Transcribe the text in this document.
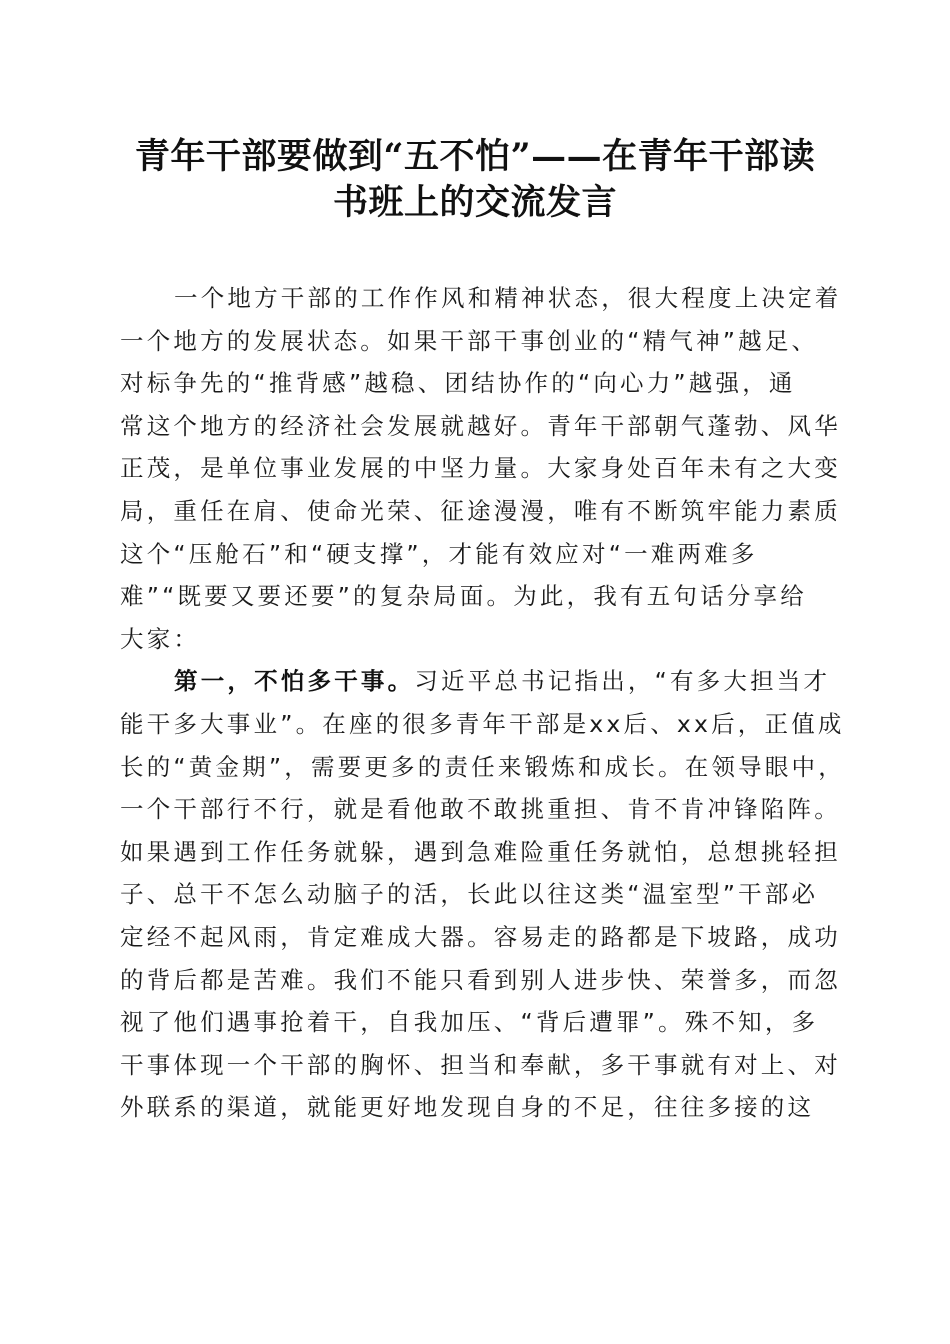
青年干部要做到“五不怕”——在青年干部读
书班上的交流发言

一个地方干部的工作作风和精神状态，很大程度上决定着
一个地方的发展状态。如果干部干事创业的“精气神”越足、
对标争先的“推背感”越稳、团结协作的“向心力”越强，通
常这个地方的经济社会发展就越好。青年干部朝气蓬勃、风华
正茂，是单位事业发展的中坚力量。大家身处百年未有之大变
局，重任在肩、使命光荣、征途漫漫，唯有不断筑牢能力素质
这个“压舱石”和“硬支撑”，才能有效应对“一难两难多
难”“既要又要还要”的复杂局面。为此，我有五句话分享给
大家：

第一，不怕多干事。习近平总书记指出，“有多大担当才
能干多大事业”。在座的很多青年干部是xx后、xx后，正值成
长的“黄金期”，需要更多的责任来锻炼和成长。在领导眼中，
一个干部行不行，就是看他敢不敢挑重担、肯不肯冲锋陷阵。
如果遇到工作任务就躲，遇到急难险重任务就怕，总想挑轻担
子、总干不怎么动脑子的活，长此以往这类“温室型”干部必
定经不起风雨，肯定难成大器。容易走的路都是下坡路，成功
的背后都是苦难。我们不能只看到别人进步快、荣誉多，而忽
视了他们遇事抢着干，自我加压、“背后遭罪”。殊不知，多
干事体现一个干部的胸怀、担当和奉献，多干事就有对上、对
外联系的渠道，就能更好地发现自身的不足，往往多接的这
